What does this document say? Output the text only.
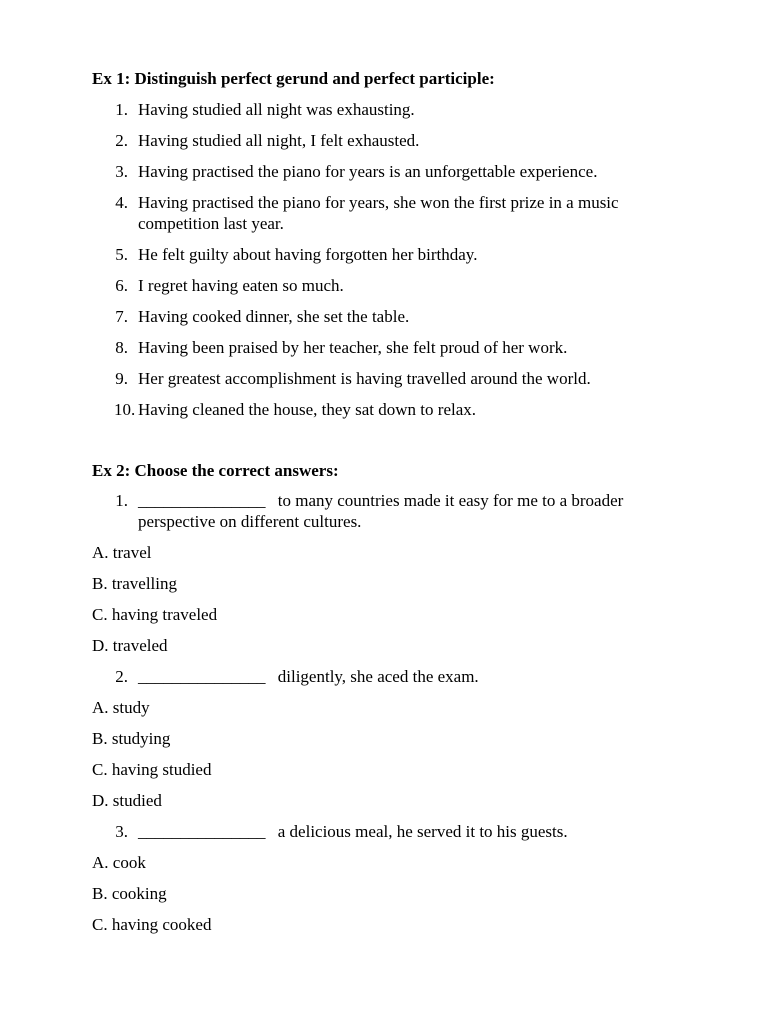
Ex 1: Distinguish perfect gerund and perfect participle:
1. Having studied all night was exhausting.
2. Having studied all night, I felt exhausted.
3. Having practised the piano for years is an unforgettable experience.
4. Having practised the piano for years, she won the first prize in a music competition last year.
5. He felt guilty about having forgotten her birthday.
6. I regret having eaten so much.
7. Having cooked dinner, she set the table.
8. Having been praised by her teacher, she felt proud of her work.
9. Her greatest accomplishment is having travelled around the world.
10. Having cleaned the house, they sat down to relax.
Ex 2: Choose the correct answers:
1. _______________ to many countries made it easy for me to a broader perspective on different cultures.
A. travel
B. travelling
C. having traveled
D. traveled
2. _______________ diligently, she aced the exam.
A. study
B. studying
C. having studied
D. studied
3. _______________ a delicious meal, he served it to his guests.
A. cook
B. cooking
C. having cooked
